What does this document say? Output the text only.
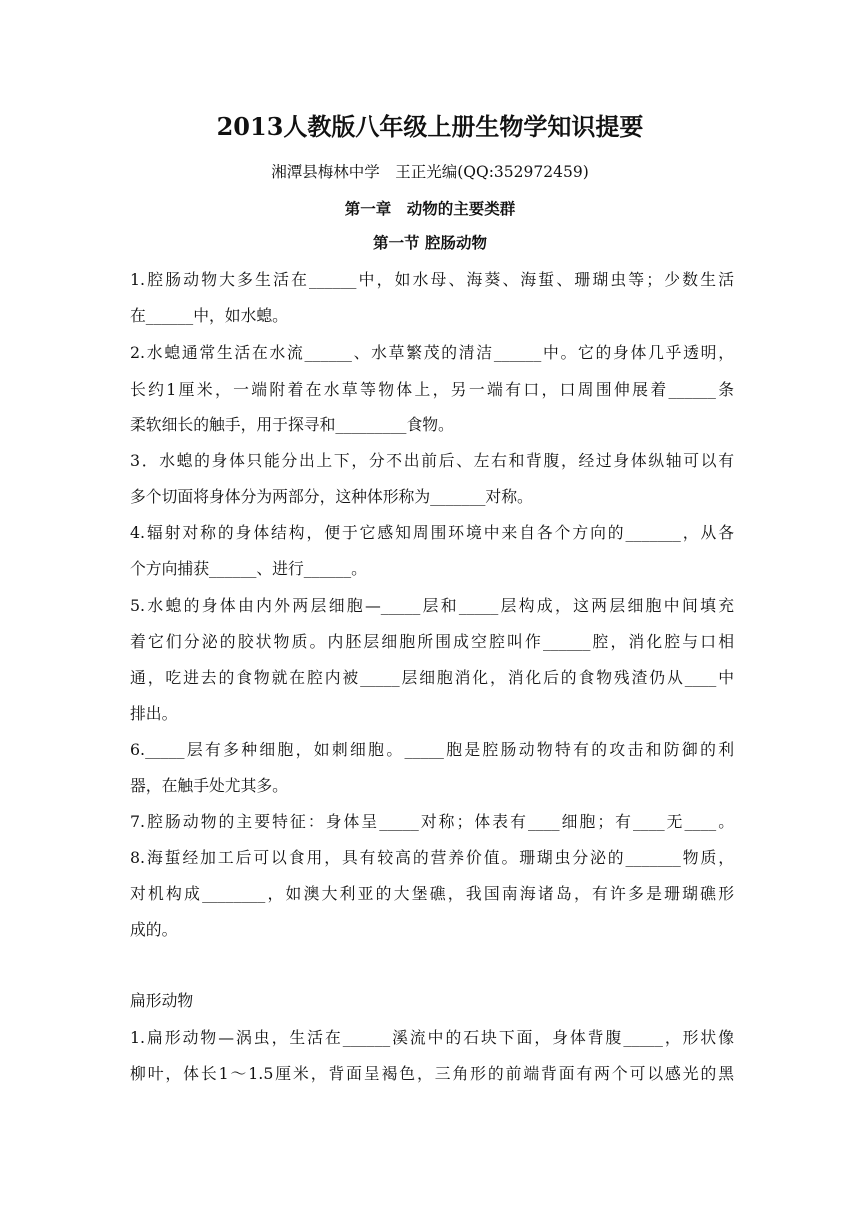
2013人教版八年级上册生物学知识提要
湘潭县梅林中学　王正光编(QQ:352972459)
第一章　动物的主要类群
第一节 腔肠动物
1.腔肠动物大多生活在______中，如水母、海葵、海蜇、珊瑚虫等；少数生活
在______中，如水螅。
2.水螅通常生活在水流______、水草繁茂的清洁______中。它的身体几乎透明，
长约1厘米，一端附着在水草等物体上，另一端有口，口周围伸展着______条
柔软细长的触手，用于探寻和_________食物。
3．水螅的身体只能分出上下，分不出前后、左右和背腹，经过身体纵轴可以有
多个切面将身体分为两部分，这种体形称为_______对称。
4.辐射对称的身体结构，便于它感知周围环境中来自各个方向的_______，从各
个方向捕获______、进行______。
5.水螅的身体由内外两层细胞—_____层和_____层构成，这两层细胞中间填充
着它们分泌的胶状物质。内胚层细胞所围成空腔叫作______腔，消化腔与口相
通，吃进去的食物就在腔内被_____层细胞消化，消化后的食物残渣仍从____中
排出。
6._____层有多种细胞，如刺细胞。_____胞是腔肠动物特有的攻击和防御的利
器，在触手处尤其多。
7.腔肠动物的主要特征：身体呈_____对称；体表有____细胞；有____无____。
8.海蜇经加工后可以食用，具有较高的营养价值。珊瑚虫分泌的_______物质，
对机构成________，如澳大利亚的大堡礁，我国南海诸岛，有许多是珊瑚礁形
成的。
扁形动物
1.扁形动物—涡虫，生活在______溪流中的石块下面，身体背腹_____，形状像
柳叶，体长1～1.5厘米，背面呈褐色，三角形的前端背面有两个可以感光的黑
